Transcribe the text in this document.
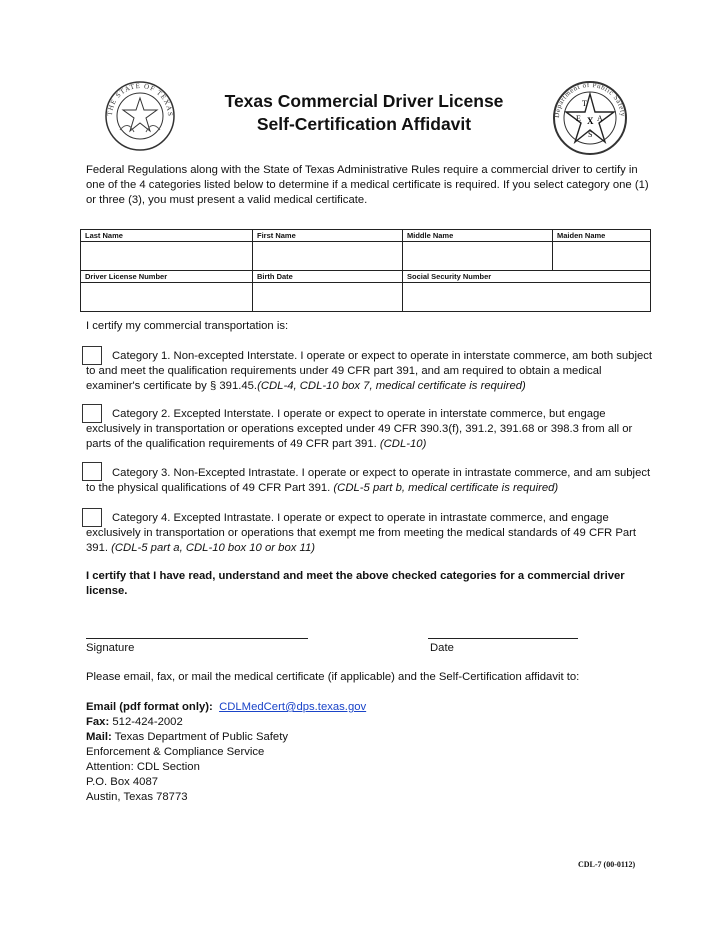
THE STATE OF TEXAS
Texas Commercial Driver License
Self-Certification Affidavit	Department of Public Safety
T
E X A
S
Federal Regulations along with the State of Texas Administrative Rules require a commercial driver to certify in one of the 4 categories listed below to determine if a medical certificate is required. If you select category one (1) or three (3), you must present a valid medical certificate.
Last Name	First Name	Middle Name	Maiden Name

Driver License Number	Birth Date	Social Security Number	

I certify my commercial transportation is:
Category 1. Non-excepted Interstate. I operate or expect to operate in interstate commerce, am both subject to and meet the qualification requirements under 49 CFR part 391, and am required to obtain a medical examiner's certificate by § 391.45.(CDL-4, CDL-10 box 7, medical certificate is required)
Category 2. Excepted Interstate. I operate or expect to operate in interstate commerce, but engage exclusively in transportation or operations excepted under 49 CFR 390.3(f), 391.2, 391.68 or 398.3 from all or parts of the qualification requirements of 49 CFR part 391. (CDL-10)
Category 3. Non-Excepted Intrastate. I operate or expect to operate in intrastate commerce, and am subject to the physical qualifications of 49 CFR Part 391. (CDL-5 part b, medical certificate is required)
Category 4. Excepted Intrastate. I operate or expect to operate in intrastate commerce, and engage exclusively in transportation or operations that exempt me from meeting the medical standards of 49 CFR Part 391. (CDL-5 part a, CDL-10 box 10 or box 11)
I certify that I have read, understand and meet the above checked categories for a commercial driver license.
Signature	Date
Please email, fax, or mail the medical certificate (if applicable) and the Self-Certification affidavit to:
Email (pdf format only): CDLMedCert@dps.texas.gov
Fax: 512-424-2002
Mail: Texas Department of Public Safety
Enforcement & Compliance Service
Attention: CDL Section
P.O. Box 4087
Austin, Texas 78773
CDL-7 (00-0112)
